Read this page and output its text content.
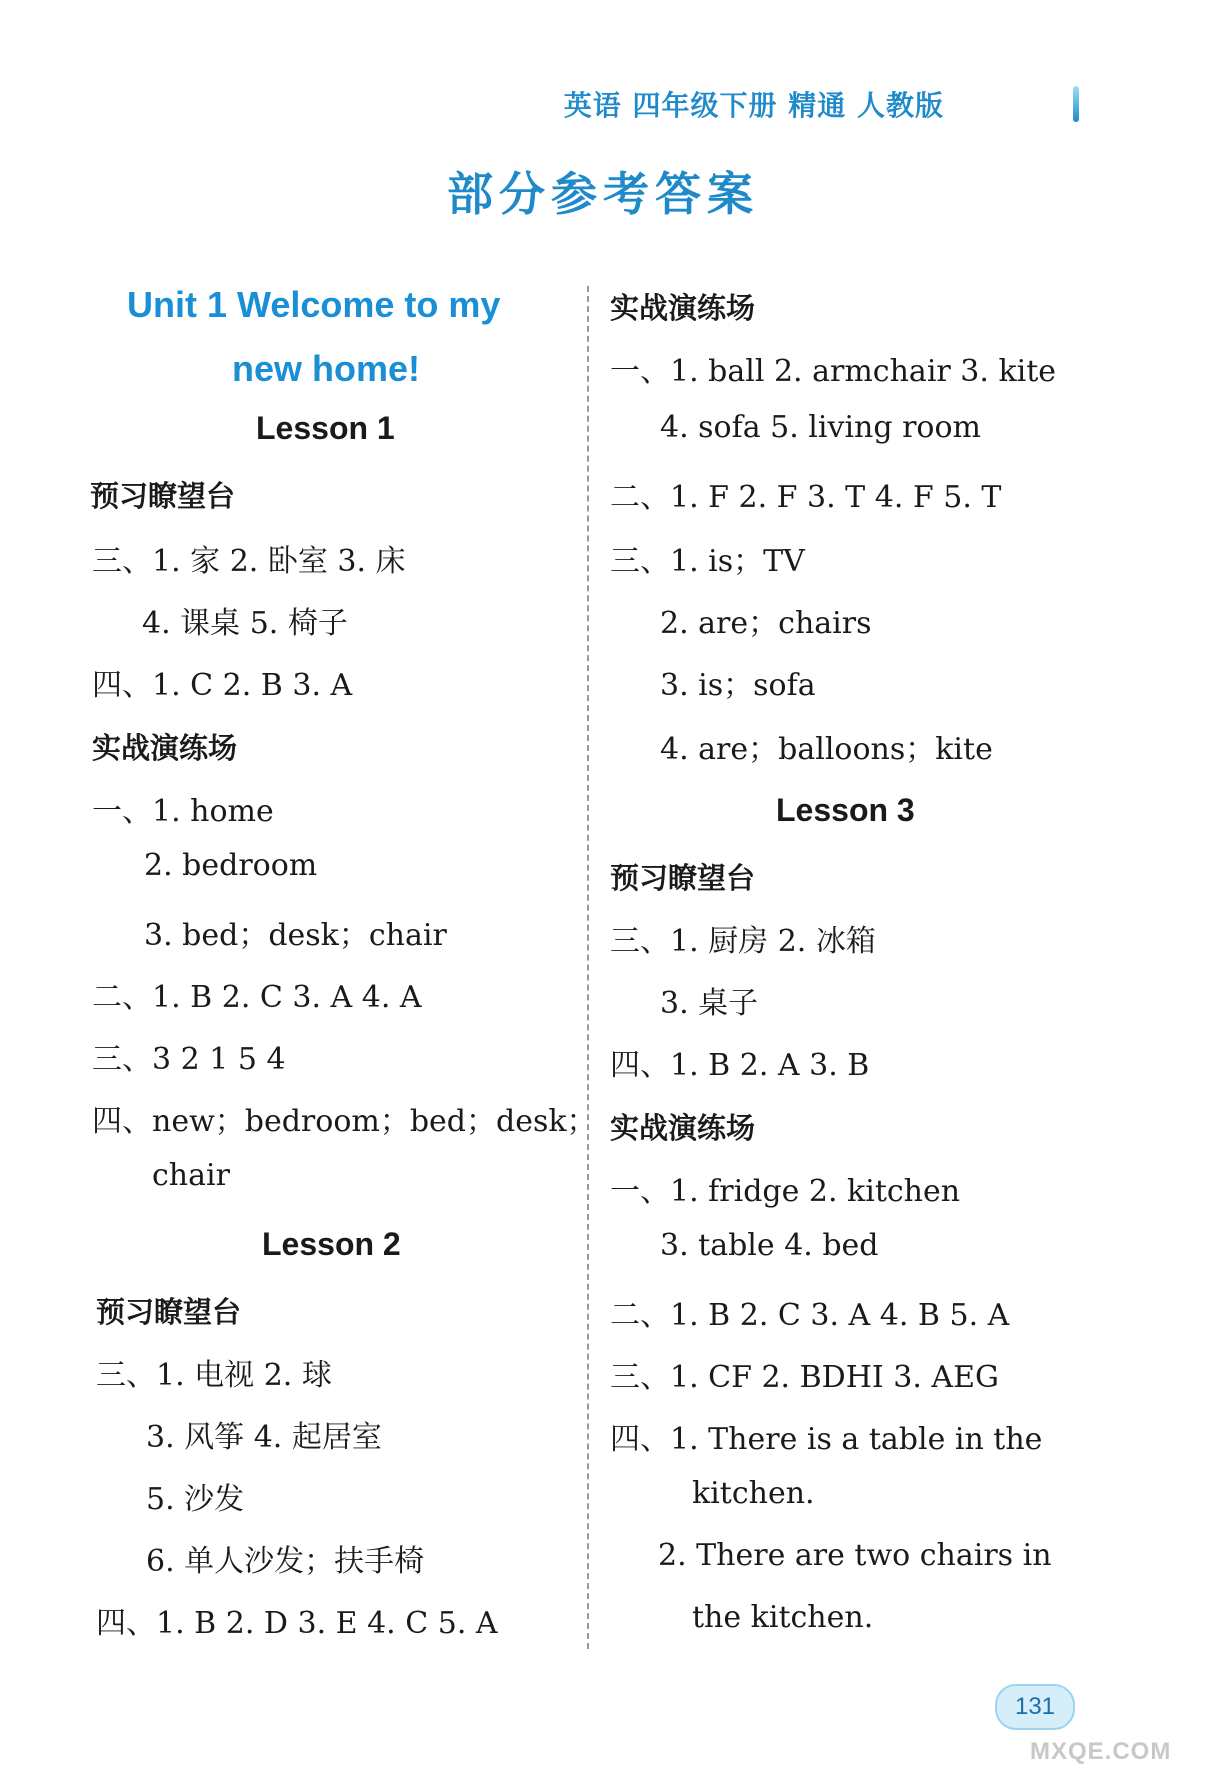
英语 四年级下册 精通 人教版
部分参考答案
Unit 1 Welcome to my
new home!
Lesson 1
预习瞭望台
三、1. 家 2. 卧室 3. 床
4. 课桌 5. 椅子
四、1. C 2. B 3. A
实战演练场
一、1. home
2. bedroom
3. bed；desk；chair
二、1. B 2. C 3. A 4. A
三、3 2 1 5 4
四、new；bedroom；bed；desk；
chair
Lesson 2
预习瞭望台
三、1. 电视 2. 球
3. 风筝 4. 起居室
5. 沙发
6. 单人沙发；扶手椅
四、1. B 2. D 3. E 4. C 5. A
实战演练场
一、1. ball 2. armchair 3. kite
4. sofa 5. living room
二、1. F 2. F 3. T 4. F 5. T
三、1. is；TV
2. are；chairs
3. is；sofa
4. are；balloons；kite
Lesson 3
预习瞭望台
三、1. 厨房 2. 冰箱
3. 桌子
四、1. B 2. A 3. B
实战演练场
一、1. fridge 2. kitchen
3. table 4. bed
二、1. B 2. C 3. A 4. B 5. A
三、1. CF 2. BDHI 3. AEG
四、1. There is a table in the
kitchen.
2. There are two chairs in
the kitchen.
131
MXQE.COM
